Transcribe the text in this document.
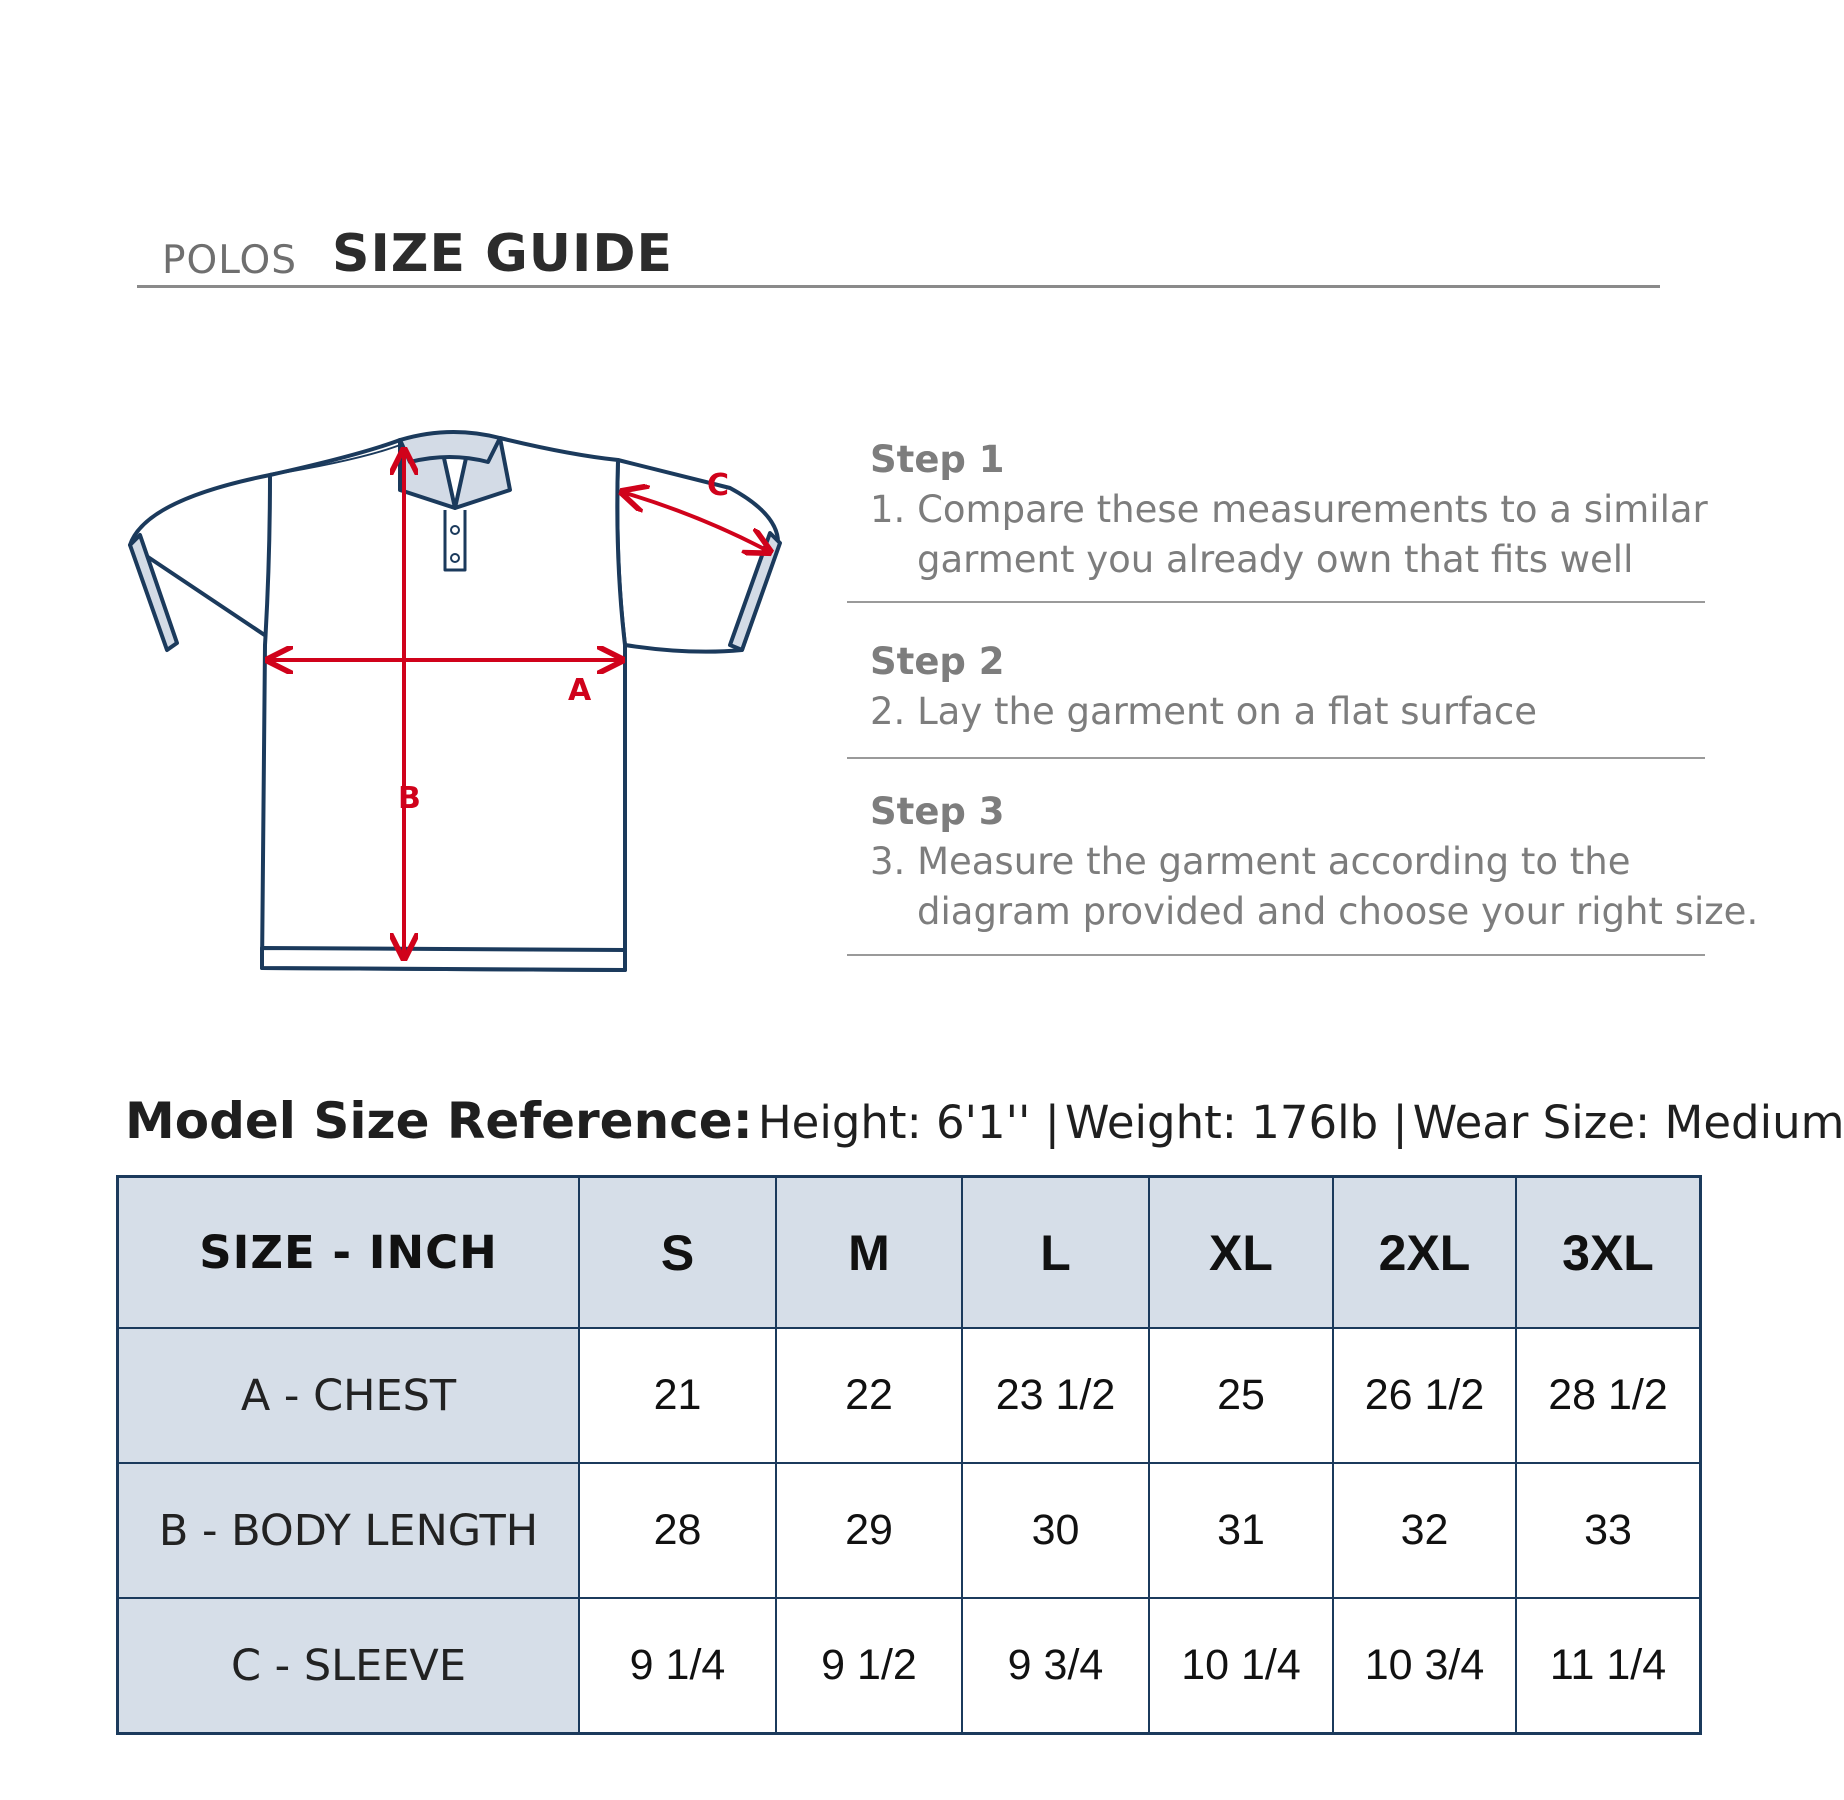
POLOS SIZE GUIDE
C
A
B
Step 1
1. Compare these measurements to a similar
garment you already own that fits well
Step 2
2. Lay the garment on a flat surface
Step 3
3. Measure the garment according to the
diagram provided and choose your right size.
Model Size Reference: Height: 6'1'' | Weight: 176lb | Wear Size: Medium
SIZE - INCH	S	M	L	XL	2XL	3XL
A - CHEST	21	22	23 1/2	25	26 1/2	28 1/2
B - BODY LENGTH	28	29	30	31	32	33
C - SLEEVE	9 1/4	9 1/2	9 3/4	10 1/4	10 3/4	11 1/4
